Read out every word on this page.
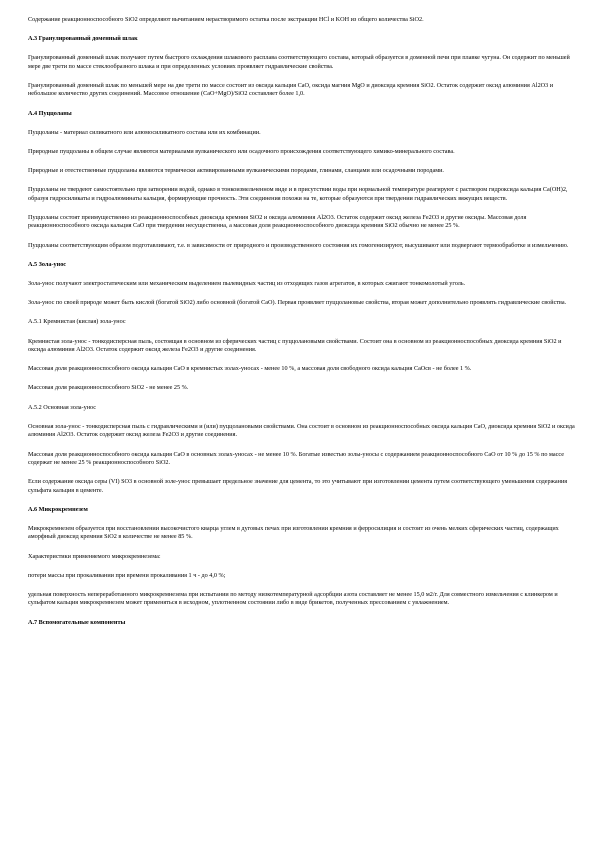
Содержание реакционноспособного SiO2 определяют вычитанием нерастворимого остатка после экстракции HCl и KOH из общего количества SiO2.
А.3 Гранулированный доменный шлак
Гранулированный доменный шлак получают путем быстрого охлаждения шлакового расплава соответствующего состава, который образуется в доменной печи при плавке чугуна. Он содержит по меньшей мере две трети по массе стеклообразного шлака и при определенных условиях проявляет гидравлические свойства.
Гранулированный доменный шлак по меньшей мере на две трети по массе состоит из оксида кальция CaO, оксида магния MgO и диоксида кремния SiO2. Остаток содержит оксид алюминия Al2O3 и небольшое количество других соединений. Массовое отношение (CaO+MgO)/SiO2 составляет более 1,0.
А.4 Пуццоланы
Пуццоланы - материал силикатного или алюмосиликатного состава или их комбинации.
Природные пуццоланы в общем случае являются материалами вулканического или осадочного происхождения соответствующего химико-минерального состава.
Природные и отестественные пуццоланы являются термически активированными вулканическими породами, глинами, сланцами или осадочными породами.
Пуццоланы не твердеют самостоятельно при затворении водой, однако в тонкоизмельченном виде и в присутствии воды при нормальной температуре реагируют с раствором гидроксида кальция Ca(OH)2, образуя гидросиликаты и гидроалюминаты кальция, формирующие прочность. Эти соединения похожи на те, которые образуются при твердении гидравлических вяжущих веществ.
Пуццоланы состоят преимущественно из реакционноспособных диоксида кремния SiO2 и оксида алюминия Al2O3. Остаток содержит оксид железа Fe2O3 и другие оксиды. Массовая доля реакционноспособного оксида кальция CaO при твердении несущественна, а массовая доля реакционноспособного диоксида кремния SiO2 обычно не менее 25 %.
Пуццоланы соответствующим образом подготавливают, т.е. в зависимости от природного и производственного состояния их гомогенизируют, высушивают или подвергают термообработке и измельчению.
А.5 Зола-унос
Зола-унос получают электростатическим или механическим выделением пылевидных частиц из отходящих газов агрегатов, в которых сжигают тонкомолотый уголь.
Зола-унос по своей природе может быть кислой (богатой SiO2) либо основной (богатой CaO). Первая проявляет пуццолановые свойства, вторая может дополнительно проявлять гидравлические свойства.
А.5.1 Кремнистая (кислая) зола-унос
Кремнистая зола-унос - тонкодисперсная пыль, состоящая в основном из сферических частиц с пуццолановыми свойствами. Состоит она в основном из реакционноспособных диоксида кремния SiO2 и оксида алюминия Al2O3. Остаток содержит оксид железа Fe2O3 и другие соединения.
Массовая доля реакционноспособного оксида кальция CaO в кремнистых золах-уносах - менее 10 %, а массовая доля свободного оксида кальция CaOсв - не более 1 %.
Массовая доля реакционноспособного SiO2 - не менее 25 %.
А.5.2 Основная зола-унос
Основная зола-унос - тонкодисперсная пыль с гидравлическими и (или) пуццолановыми свойствами. Она состоит в основном из реакционноспособных оксида кальция CaO, диоксида кремния SiO2 и оксида алюминия Al2O3. Остаток содержит оксид железа Fe2O3 и другие соединения.
Массовая доля реакционноспособного оксида кальция CaO в основных золах-уносах - не менее 10 %. Богатые известью золы-уносы с содержанием реакционноспособного CaO от 10 % до 15 % по массе содержат не менее 25 % реакционноспособного SiO2.
Если содержание оксида серы (VI) SO3 в основной золе-унос превышает предельное значение для цемента, то это учитывают при изготовлении цемента путем соответствующего уменьшения содержания сульфата кальция в цементе.
А.6 Микрокремнезем
Микрокремнезем образуется при восстановлении высокочистого кварца углем в дуговых печах при изготовлении кремния и ферросилиция и состоит из очень мелких сферических частиц, содержащих аморфный диоксид кремния SiO2 в количестве не менее 85 %.
Характеристики применяемого микрокремнезема:
потери массы при прокаливании при времени прокаливания 1 ч - до 4,0 %;
удельная поверхность непереработанного микрокремнезема при испытании по методу низкотемпературной адсорбции азота составляет не менее 15,0 м2/г. Для совместного измельчения с клинкером и сульфатом кальция микрокремнезем может применяться в исходном, уплотненном состоянии либо в виде брикетов, полученных прессованием с увлажнением.
А.7 Вспомогательные компоненты
